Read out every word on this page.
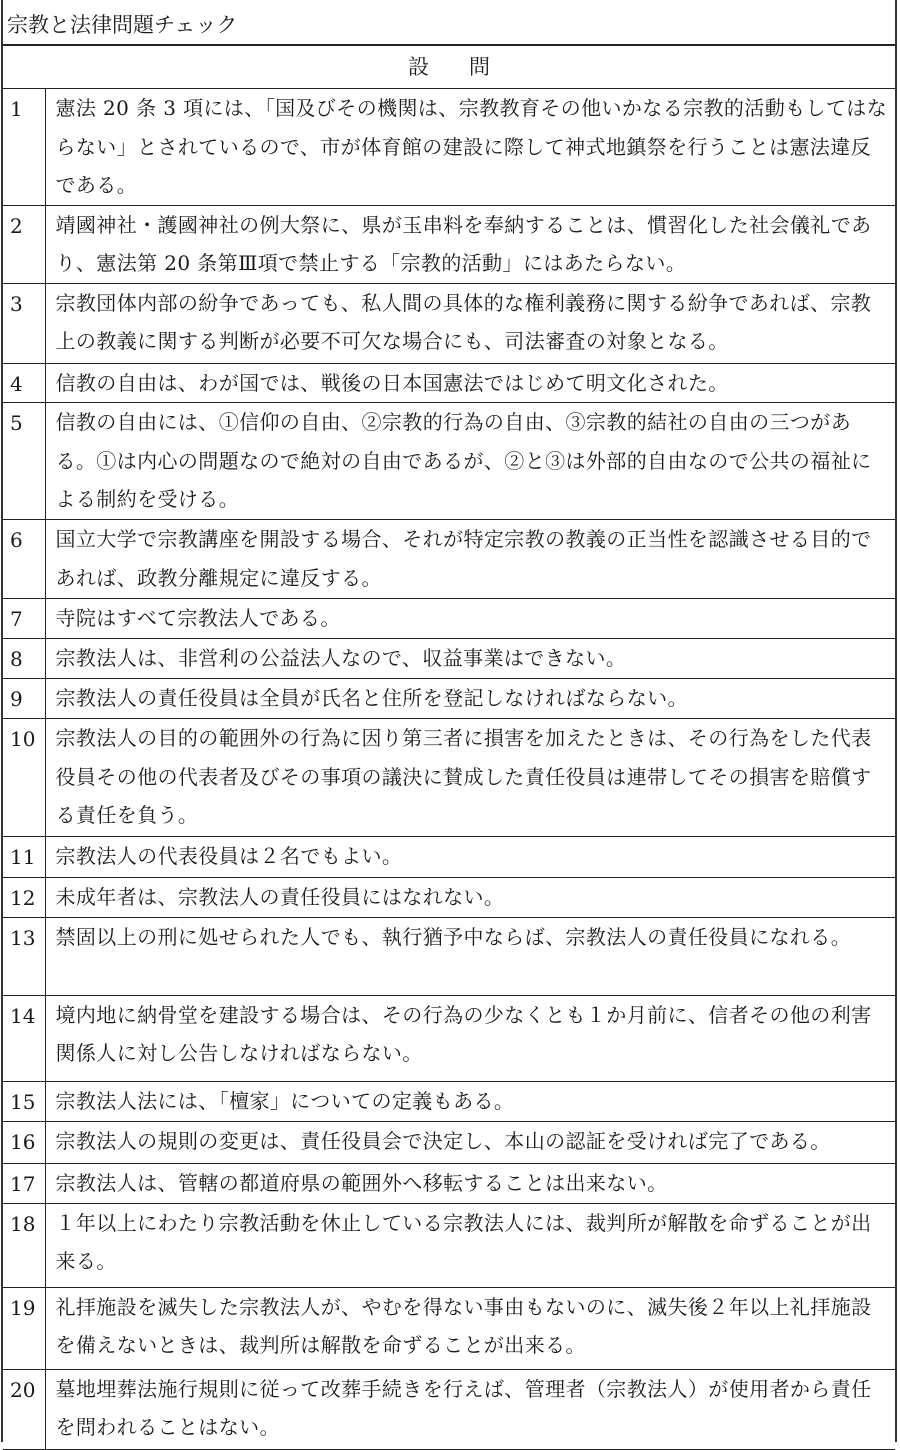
宗教と法律問題チェック
設問	
1	憲法 20 条 3 項には、「国及びその機関は、宗教教育その他いかなる宗教的活動もしてはならない」とされているので、市が体育館の建設に際して神式地鎮祭を行うことは憲法違反である。
2	靖國神社・護國神社の例大祭に、県が玉串料を奉納することは、慣習化した社会儀礼であり、憲法第 20 条第Ⅲ項で禁止する「宗教的活動」にはあたらない。
3	宗教団体内部の紛争であっても、私人間の具体的な権利義務に関する紛争であれば、宗教上の教義に関する判断が必要不可欠な場合にも、司法審査の対象となる。
4	信教の自由は、わが国では、戦後の日本国憲法ではじめて明文化された。
5	信教の自由には、①信仰の自由、②宗教的行為の自由、③宗教的結社の自由の三つがある。①は内心の問題なので絶対の自由であるが、②と③は外部的自由なので公共の福祉による制約を受ける。
6	国立大学で宗教講座を開設する場合、それが特定宗教の教義の正当性を認識させる目的であれば、政教分離規定に違反する。
7	寺院はすべて宗教法人である。
8	宗教法人は、非営利の公益法人なので、収益事業はできない。
9	宗教法人の責任役員は全員が氏名と住所を登記しなければならない。
10	宗教法人の目的の範囲外の行為に因り第三者に損害を加えたときは、その行為をした代表役員その他の代表者及びその事項の議決に賛成した責任役員は連帯してその損害を賠償する責任を負う。
11	宗教法人の代表役員は２名でもよい。
12	未成年者は、宗教法人の責任役員にはなれない。
13	禁固以上の刑に処せられた人でも、執行猶予中ならば、宗教法人の責任役員になれる。
14	境内地に納骨堂を建設する場合は、その行為の少なくとも１か月前に、信者その他の利害関係人に対し公告しなければならない。
15	宗教法人法には、「檀家」についての定義もある。
16	宗教法人の規則の変更は、責任役員会で決定し、本山の認証を受ければ完了である。
17	宗教法人は、管轄の都道府県の範囲外へ移転することは出来ない。
18	１年以上にわたり宗教活動を休止している宗教法人には、裁判所が解散を命ずることが出来る。
19	礼拝施設を滅失した宗教法人が、やむを得ない事由もないのに、滅失後２年以上礼拝施設を備えないときは、裁判所は解散を命ずることが出来る。
20	墓地埋葬法施行規則に従って改葬手続きを行えば、管理者（宗教法人）が使用者から責任を問われることはない。
